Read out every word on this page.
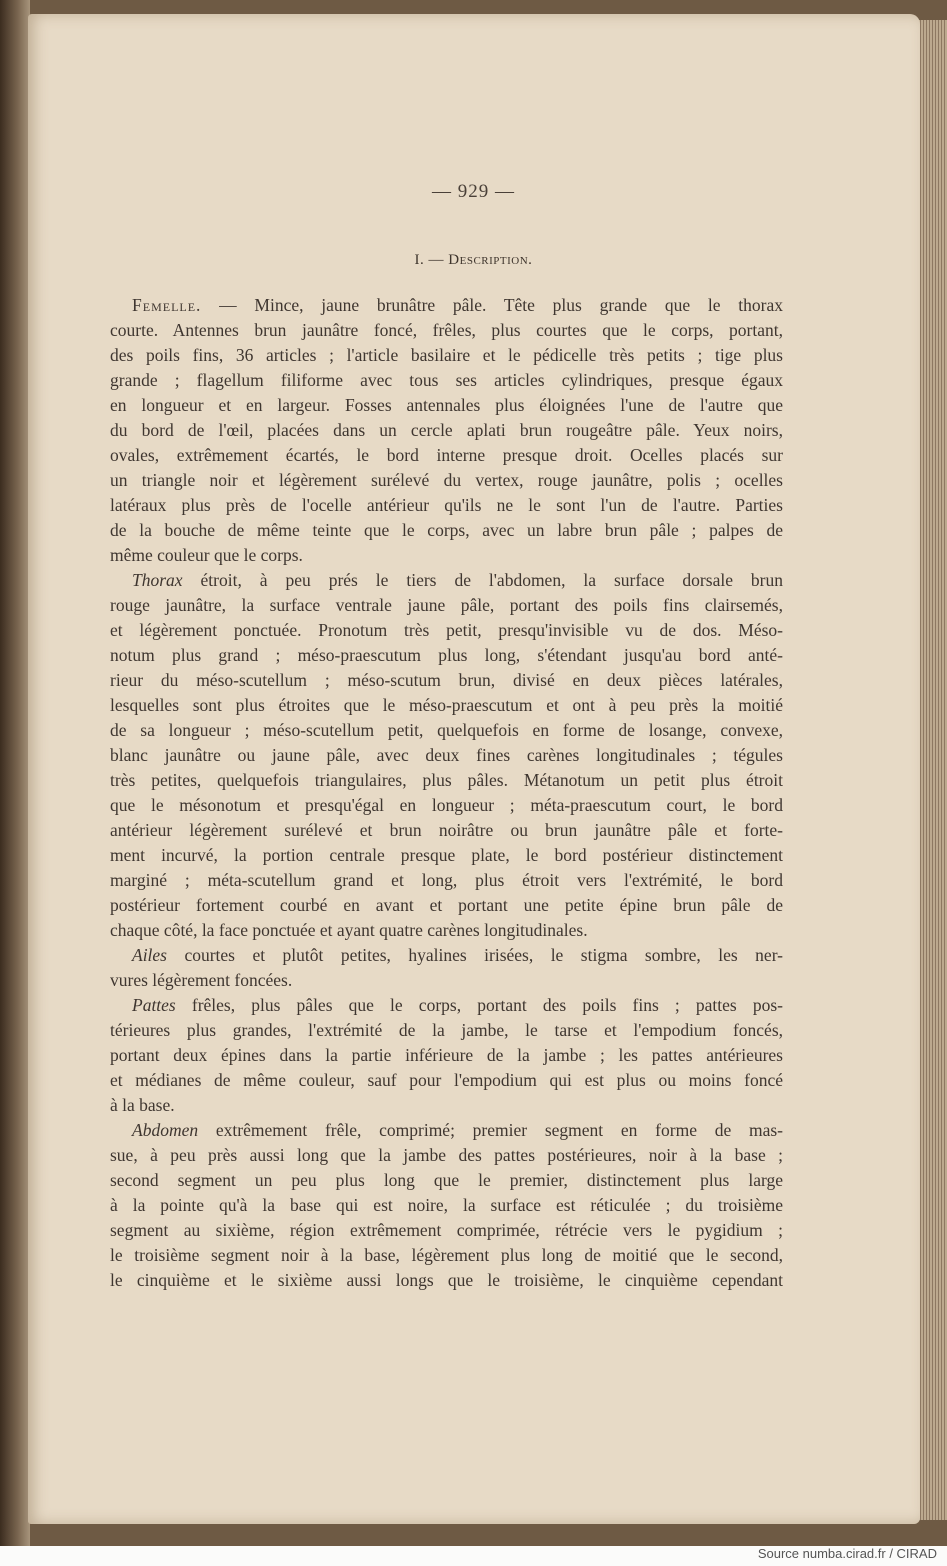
— 929 —
I. — Description.
Femelle. — Mince, jaune brunâtre pâle. Tête plus grande que le thorax
courte. Antennes brun jaunâtre foncé, frêles, plus courtes que le corps, portant,
des poils fins, 36 articles ; l'article basilaire et le pédicelle très petits ; tige plus
grande ; flagellum filiforme avec tous ses articles cylindriques, presque égaux
en longueur et en largeur. Fosses antennales plus éloignées l'une de l'autre que
du bord de l'œil, placées dans un cercle aplati brun rougeâtre pâle. Yeux noirs,
ovales, extrêmement écartés, le bord interne presque droit. Ocelles placés sur
un triangle noir et légèrement surélevé du vertex, rouge jaunâtre, polis ; ocelles
latéraux plus près de l'ocelle antérieur qu'ils ne le sont l'un de l'autre. Parties
de la bouche de même teinte que le corps, avec un labre brun pâle ; palpes de
même couleur que le corps.
Thorax étroit, à peu prés le tiers de l'abdomen, la surface dorsale brun
rouge jaunâtre, la surface ventrale jaune pâle, portant des poils fins clairsemés,
et légèrement ponctuée. Pronotum très petit, presqu'invisible vu de dos. Méso-
notum plus grand ; méso-praescutum plus long, s'étendant jusqu'au bord anté-
rieur du méso-scutellum ; méso-scutum brun, divisé en deux pièces latérales,
lesquelles sont plus étroites que le méso-praescutum et ont à peu près la moitié
de sa longueur ; méso-scutellum petit, quelquefois en forme de losange, convexe,
blanc jaunâtre ou jaune pâle, avec deux fines carènes longitudinales ; tégules
très petites, quelquefois triangulaires, plus pâles. Métanotum un petit plus étroit
que le mésonotum et presqu'égal en longueur ; méta-praescutum court, le bord
antérieur légèrement surélevé et brun noirâtre ou brun jaunâtre pâle et forte-
ment incurvé, la portion centrale presque plate, le bord postérieur distinctement
marginé ; méta-scutellum grand et long, plus étroit vers l'extrémité, le bord
postérieur fortement courbé en avant et portant une petite épine brun pâle de
chaque côté, la face ponctuée et ayant quatre carènes longitudinales.
Ailes courtes et plutôt petites, hyalines irisées, le stigma sombre, les ner-
vures légèrement foncées.
Pattes frêles, plus pâles que le corps, portant des poils fins ; pattes pos-
térieures plus grandes, l'extrémité de la jambe, le tarse et l'empodium foncés,
portant deux épines dans la partie inférieure de la jambe ; les pattes antérieures
et médianes de même couleur, sauf pour l'empodium qui est plus ou moins foncé
à la base.
Abdomen extrêmement frêle, comprimé; premier segment en forme de mas-
sue, à peu près aussi long que la jambe des pattes postérieures, noir à la base ;
second segment un peu plus long que le premier, distinctement plus large
à la pointe qu'à la base qui est noire, la surface est réticulée ; du troisième
segment au sixième, région extrêmement comprimée, rétrécie vers le pygidium ;
le troisième segment noir à la base, légèrement plus long de moitié que le second,
le cinquième et le sixième aussi longs que le troisième, le cinquième cependant
Source numba.cirad.fr / CIRAD
